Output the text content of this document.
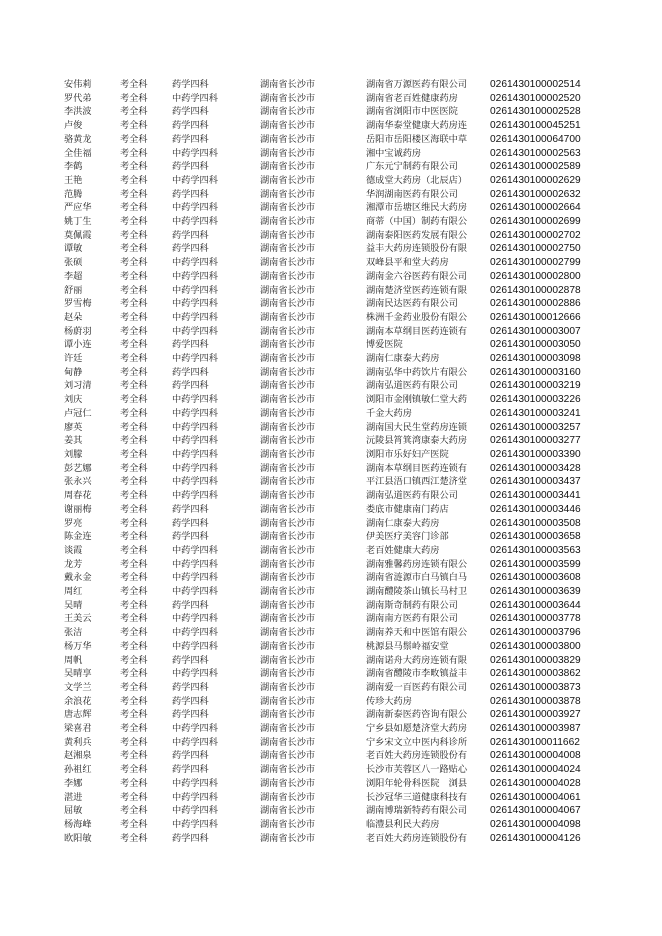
安伟莉	考全科	药学四科	湖南省长沙市	湖南省万源医药有限公司	0261430100002514
罗代弟	考全科	中药学四科	湖南省长沙市	湖南省老百姓健康药房	0261430100002520
李洪波	考全科	药学四科	湖南省长沙市	湖南省浏阳市中医医院	0261430100002528
卢俊	考全科	药学四科	湖南省长沙市	湖南华泰堂健康大药房连	0261430100045251
骆黄龙	考全科	药学四科	湖南省长沙市	岳阳市岳阳楼区海联中草	0261430100064700
全佳福	考全科	中药学四科	湖南省长沙市	湘中宝诚药房	0261430100002563
李鹤	考全科	药学四科	湖南省长沙市	广东元宁制药有限公司	0261430100002589
王艳	考全科	中药学四科	湖南省长沙市	德成堂大药房（北辰店）	0261430100002629
范腾	考全科	药学四科	湖南省长沙市	华润湖南医药有限公司	0261430100002632
严应华	考全科	中药学四科	湖南省长沙市	湘潭市岳塘区维民大药房	0261430100002664
姚丁生	考全科	中药学四科	湖南省长沙市	商蒂（中国）制药有限公	0261430100002699
莫佩霞	考全科	药学四科	湖南省长沙市	湖南泰阳医药发展有限公	0261430100002702
谭敏	考全科	药学四科	湖南省长沙市	益丰大药房连锁股份有限	0261430100002750
张硕	考全科	中药学四科	湖南省长沙市	双峰县平和堂大药房	0261430100002799
李超	考全科	中药学四科	湖南省长沙市	湖南金六谷医药有限公司	0261430100002800
舒丽	考全科	中药学四科	湖南省长沙市	湖南楚济堂医药连锁有限	0261430100002878
罗雪梅	考全科	中药学四科	湖南省长沙市	湖南民达医药有限公司	0261430100002886
赵朵	考全科	中药学四科	湖南省长沙市	株洲千金药业股份有限公	0261430100012666
杨蔚羽	考全科	中药学四科	湖南省长沙市	湖南本草纲目医药连锁有	0261430100003007
谭小连	考全科	药学四科	湖南省长沙市	博爱医院	0261430100003050
许廷	考全科	中药学四科	湖南省长沙市	湖南仁康泰大药房	0261430100003098
甸静	考全科	药学四科	湖南省长沙市	湖南弘华中药饮片有限公	0261430100003160
刘习清	考全科	药学四科	湖南省长沙市	湖南弘道医药有限公司	0261430100003219
刘庆	考全科	中药学四科	湖南省长沙市	浏阳市金刚镇敏仁堂大药	0261430100003226
卢冠仁	考全科	中药学四科	湖南省长沙市	千金大药房	0261430100003241
廖英	考全科	中药学四科	湖南省长沙市	湖南国大民生堂药房连锁	0261430100003257
姜其	考全科	中药学四科	湖南省长沙市	沅陵县筲箕湾康泰大药房	0261430100003277
刘朦	考全科	中药学四科	湖南省长沙市	浏阳市乐好妇产医院	0261430100003390
彭艺娜	考全科	中药学四科	湖南省长沙市	湖南本草纲目医药连锁有	0261430100003428
张永兴	考全科	中药学四科	湖南省长沙市	平江县浯口镇西江楚济堂	0261430100003437
周春花	考全科	中药学四科	湖南省长沙市	湖南弘道医药有限公司	0261430100003441
谢丽梅	考全科	药学四科	湖南省长沙市	娄底市健康南门药店	0261430100003446
罗亮	考全科	药学四科	湖南省长沙市	湖南仁康泰大药房	0261430100003508
陈金连	考全科	药学四科	湖南省长沙市	伊美医疗美容门诊部	0261430100003658
谈霞	考全科	中药学四科	湖南省长沙市	老百姓健康大药房	0261430100003563
龙芳	考全科	中药学四科	湖南省长沙市	湖南雅馨药房连锁有限公	0261430100003599
戴永金	考全科	中药学四科	湖南省长沙市	湖南省涟源市白马镇白马	0261430100003608
周红	考全科	中药学四科	湖南省长沙市	湖南醴陵茶山镇长马村卫	0261430100003639
吴晴	考全科	药学四科	湖南省长沙市	湖南斯奇制药有限公司	0261430100003644
王美云	考全科	中药学四科	湖南省长沙市	湖南南方医药有限公司	0261430100003778
张洁	考全科	中药学四科	湖南省长沙市	湖南养天和中医馆有限公	0261430100003796
杨万华	考全科	中药学四科	湖南省长沙市	桃源县马鬃岭福安堂	0261430100003800
周帆	考全科	药学四科	湖南省长沙市	湖南诺舟大药房连锁有限	0261430100003829
吴晴享	考全科	中药学四科	湖南省长沙市	湖南省醴陵市李畋镇益丰	0261430100003862
文学兰	考全科	药学四科	湖南省长沙市	湖南爱一百医药有限公司	0261430100003873
余浪花	考全科	药学四科	湖南省长沙市	传珍大药房	0261430100003878
唐志辉	考全科	药学四科	湖南省长沙市	湖南新泰医药咨询有限公	0261430100003927
梁喜君	考全科	中药学四科	湖南省长沙市	宁乡县如愿楚济堂大药房	0261430100003987
黄利兵	考全科	中药学四科	湖南省长沙市	宁乡宋文立中医内科诊所	0261430100011662
赵湘泉	考全科	药学四科	湖南省长沙市	老百姓大药房连锁股份有	0261430100004008
孙祖红	考全科	药学四科	湖南省长沙市	长沙市芙蓉区八一路贴心	0261430100004024
李娜	考全科	中药学四科	湖南省长沙市	浏阳年轮骨科医院　浏县	0261430100004028
湛进	考全科	中药学四科	湖南省长沙市	长沙冠华三道健康科技有	0261430100004061
屈敏	考全科	中药学四科	湖南省长沙市	湖南博瑞新特药有限公司	0261430100004067
杨海峰	考全科	中药学四科	湖南省长沙市	临澧县利民大药房	0261430100004098
欧阳敏	考全科	药学四科	湖南省长沙市	老百姓大药房连锁股份有	0261430100004126
